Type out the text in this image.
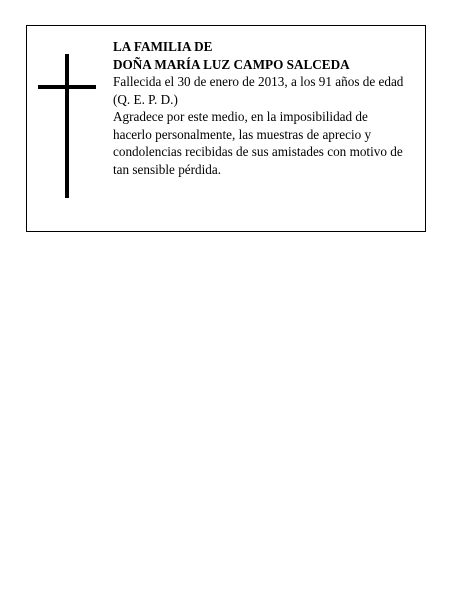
LA FAMILIA DE
DOÑA MARÍA LUZ CAMPO SALCEDA
Fallecida el 30 de enero de 2013, a los 91 años de edad
(Q. E. P. D.)
Agradece por este medio, en la imposibilidad de
hacerlo personalmente, las muestras de aprecio y
condolencias recibidas de sus amistades con motivo de
tan sensible pérdida.
